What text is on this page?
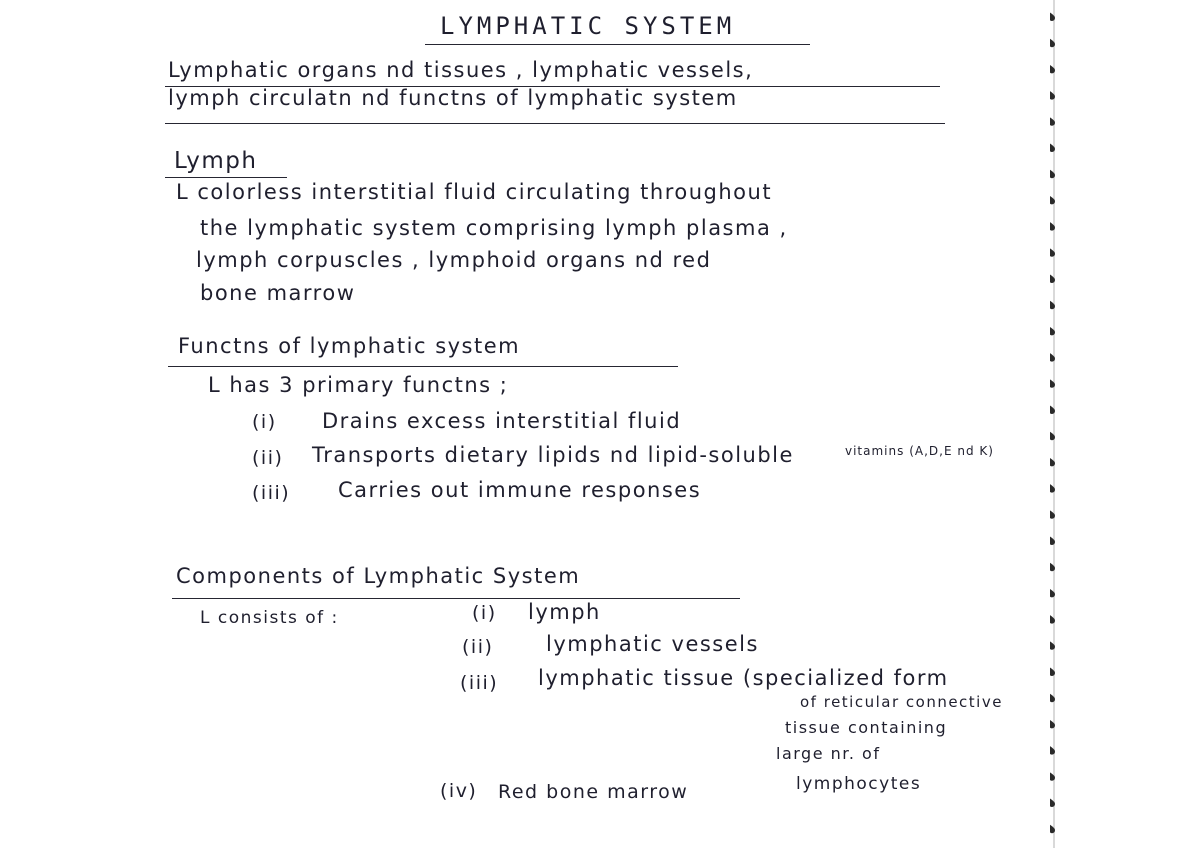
LYMPHATIC SYSTEM
Lymphatic organs nd tissues , lymphatic vessels,
lymph circulatn nd functns of lymphatic system
Lymph
L colorless interstitial fluid circulating throughout
the lymphatic system comprising lymph plasma ,
lymph corpuscles , lymphoid organs nd red
bone marrow
Functns of lymphatic system
L has 3 primary functns ;
(i) Drains excess interstitial fluid
(ii) Transports dietary lipids nd lipid-soluble	vitamins (A,D,E nd K)
(iii) Carries out immune responses
Components of Lymphatic System
L consists of :	(i) lymph
(ii)	lymphatic vessels
(iii) lymphatic tissue (specialized form
of reticular connective
tissue containing
large nr. of
lymphocytes
(iv) Red bone marrow
